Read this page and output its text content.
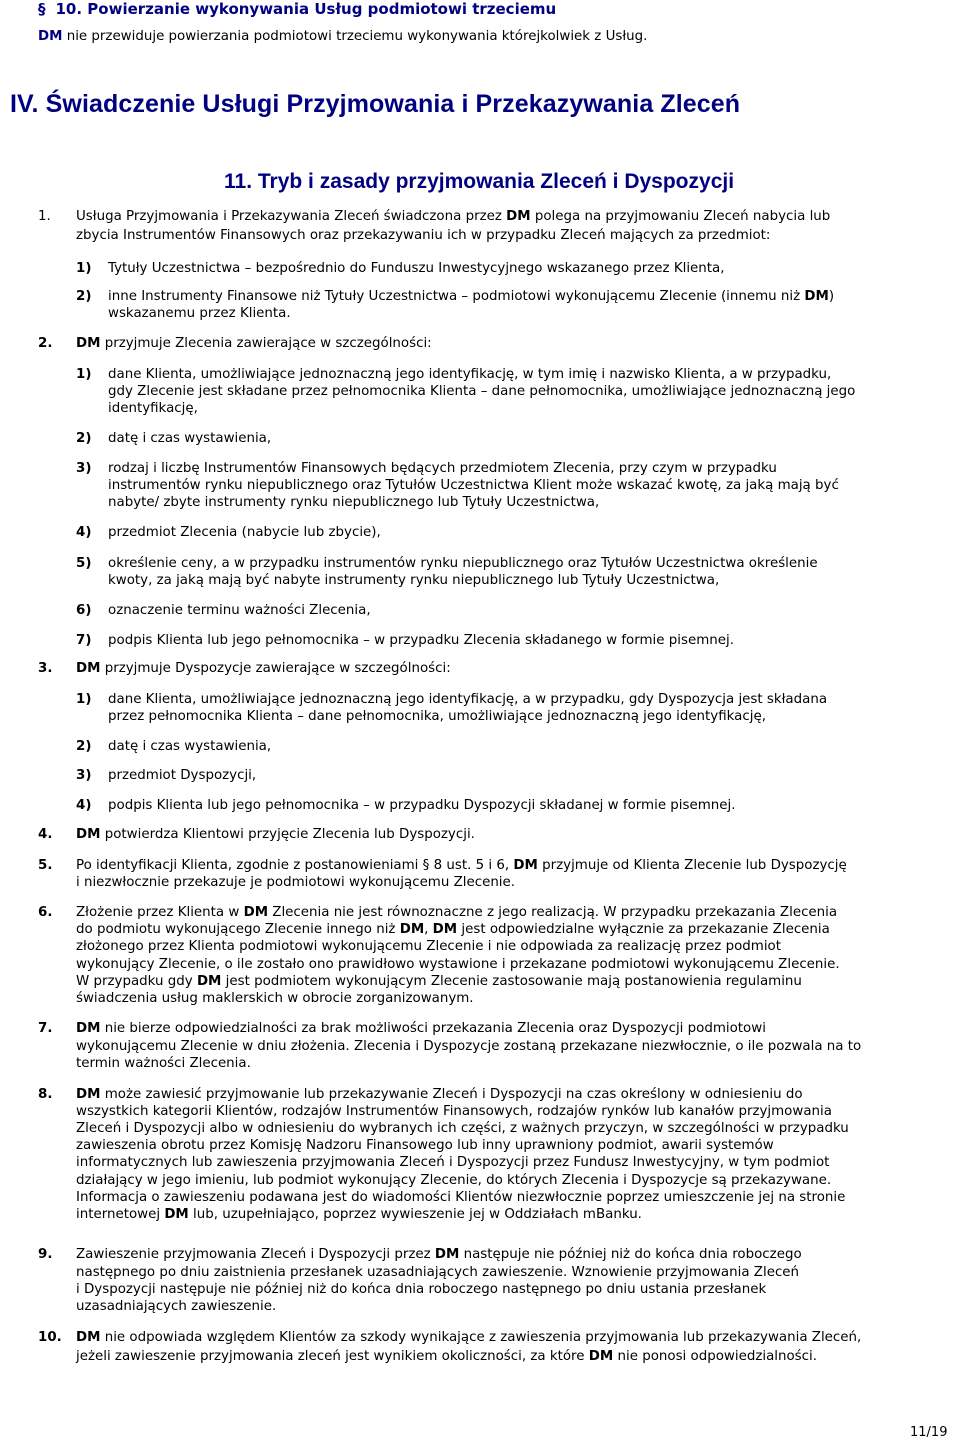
§ 10. Powierzanie wykonywania Usług podmiotowi trzeciemu
DM nie przewiduje powierzania podmiotowi trzeciemu wykonywania którejkolwiek z Usług.
IV. Świadczenie Usługi Przyjmowania i Przekazywania Zleceń
11. Tryb i zasady przyjmowania Zleceń i Dyspozycji
1. Usługa Przyjmowania i Przekazywania Zleceń świadczona przez DM polega na przyjmowaniu Zleceń nabycia lub
zbycia Instrumentów Finansowych oraz przekazywaniu ich w przypadku Zleceń mających za przedmiot:
1) Tytuły Uczestnictwa – bezpośrednio do Funduszu Inwestycyjnego wskazanego przez Klienta,
2) inne Instrumenty Finansowe niż Tytuły Uczestnictwa – podmiotowi wykonującemu Zlecenie (innemu niż DM)
wskazanemu przez Klienta.
2. DM przyjmuje Zlecenia zawierające w szczególności:
1) dane Klienta, umożliwiające jednoznaczną jego identyfikację, w tym imię i nazwisko Klienta, a w przypadku,
gdy Zlecenie jest składane przez pełnomocnika Klienta – dane pełnomocnika, umożliwiające jednoznaczną jego
identyfikację,
2) datę i czas wystawienia,
3) rodzaj i liczbę Instrumentów Finansowych będących przedmiotem Zlecenia, przy czym w przypadku
instrumentów rynku niepublicznego oraz Tytułów Uczestnictwa Klient może wskazać kwotę, za jaką mają być
nabyte/ zbyte instrumenty rynku niepublicznego lub Tytuły Uczestnictwa,
4) przedmiot Zlecenia (nabycie lub zbycie),
5) określenie ceny, a w przypadku instrumentów rynku niepublicznego oraz Tytułów Uczestnictwa określenie
kwoty, za jaką mają być nabyte instrumenty rynku niepublicznego lub Tytuły Uczestnictwa,
6) oznaczenie terminu ważności Zlecenia,
7) podpis Klienta lub jego pełnomocnika – w przypadku Zlecenia składanego w formie pisemnej.
3. DM przyjmuje Dyspozycje zawierające w szczególności:
1) dane Klienta, umożliwiające jednoznaczną jego identyfikację, a w przypadku, gdy Dyspozycja jest składana
przez pełnomocnika Klienta – dane pełnomocnika, umożliwiające jednoznaczną jego identyfikację,
2) datę i czas wystawienia,
3) przedmiot Dyspozycji,
4) podpis Klienta lub jego pełnomocnika – w przypadku Dyspozycji składanej w formie pisemnej.
4. DM potwierdza Klientowi przyjęcie Zlecenia lub Dyspozycji.
5. Po identyfikacji Klienta, zgodnie z postanowieniami § 8 ust. 5 i 6, DM przyjmuje od Klienta Zlecenie lub Dyspozycję
i niezwłocznie przekazuje je podmiotowi wykonującemu Zlecenie.
6. Złożenie przez Klienta w DM Zlecenia nie jest równoznaczne z jego realizacją. W przypadku przekazania Zlecenia
do podmiotu wykonującego Zlecenie innego niż DM, DM jest odpowiedzialne wyłącznie za przekazanie Zlecenia
złożonego przez Klienta podmiotowi wykonującemu Zlecenie i nie odpowiada za realizację przez podmiot
wykonujący Zlecenie, o ile zostało ono prawidłowo wystawione i przekazane podmiotowi wykonującemu Zlecenie.
W przypadku gdy DM jest podmiotem wykonującym Zlecenie zastosowanie mają postanowienia regulaminu
świadczenia usług maklerskich w obrocie zorganizowanym.
7. DM nie bierze odpowiedzialności za brak możliwości przekazania Zlecenia oraz Dyspozycji podmiotowi
wykonującemu Zlecenie w dniu złożenia. Zlecenia i Dyspozycje zostaną przekazane niezwłocznie, o ile pozwala na to
termin ważności Zlecenia.
8. DM może zawiesić przyjmowanie lub przekazywanie Zleceń i Dyspozycji na czas określony w odniesieniu do
wszystkich kategorii Klientów, rodzajów Instrumentów Finansowych, rodzajów rynków lub kanałów przyjmowania
Zleceń i Dyspozycji albo w odniesieniu do wybranych ich części, z ważnych przyczyn, w szczególności w przypadku
zawieszenia obrotu przez Komisję Nadzoru Finansowego lub inny uprawniony podmiot, awarii systemów
informatycznych lub zawieszenia przyjmowania Zleceń i Dyspozycji przez Fundusz Inwestycyjny, w tym podmiot
działający w jego imieniu, lub podmiot wykonujący Zlecenie, do których Zlecenia i Dyspozycje są przekazywane.
Informacja o zawieszeniu podawana jest do wiadomości Klientów niezwłocznie poprzez umieszczenie jej na stronie
internetowej DM lub, uzupełniająco, poprzez wywieszenie jej w Oddziałach mBanku.
9. Zawieszenie przyjmowania Zleceń i Dyspozycji przez DM następuje nie później niż do końca dnia roboczego
następnego po dniu zaistnienia przesłanek uzasadniających zawieszenie. Wznowienie przyjmowania Zleceń
i Dyspozycji następuje nie później niż do końca dnia roboczego następnego po dniu ustania przesłanek
uzasadniających zawieszenie.
10. DM nie odpowiada względem Klientów za szkody wynikające z zawieszenia przyjmowania lub przekazywania Zleceń,
jeżeli zawieszenie przyjmowania zleceń jest wynikiem okoliczności, za które DM nie ponosi odpowiedzialności.
11/19
